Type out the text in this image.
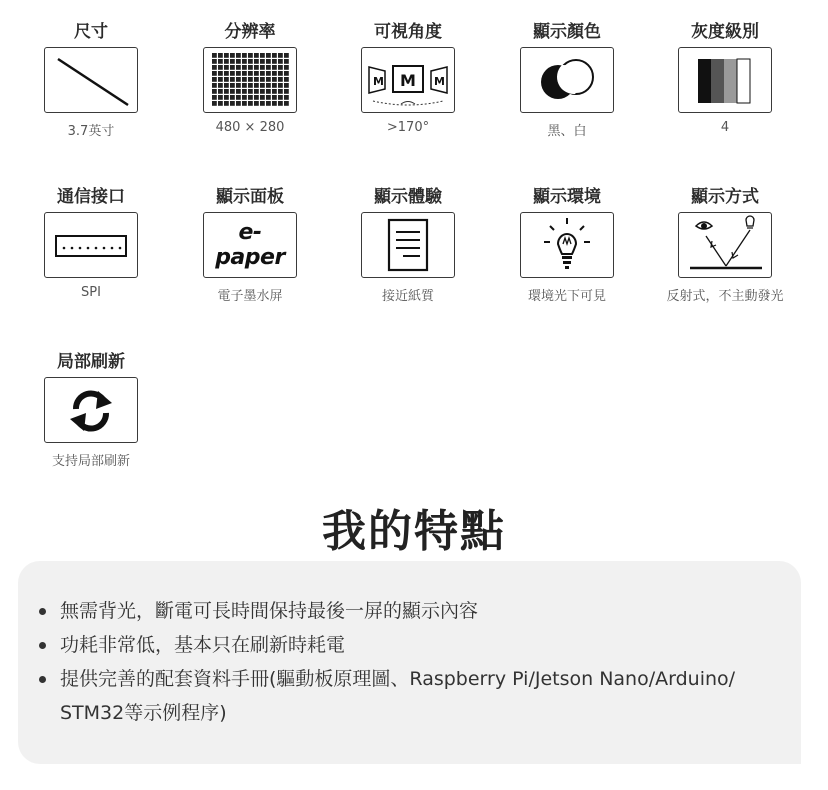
尺寸
3.7英寸
分辨率
480 × 280
可視角度
M M M
>170°
顯示顏色
黑、白
灰度級別
4
通信接口
SPI
顯示面板
e-paper
電子墨水屏
顯示體驗
接近紙質
顯示環境
環境光下可見
顯示方式
反射式，不主動發光
局部刷新
支持局部刷新
我的特點
無需背光，斷電可長時間保持最後一屏的顯示內容
功耗非常低，基本只在刷新時耗電
提供完善的配套資料手冊(驅動板原理圖、Raspberry Pi/Jetson Nano/Arduino/
STM32等示例程序)
